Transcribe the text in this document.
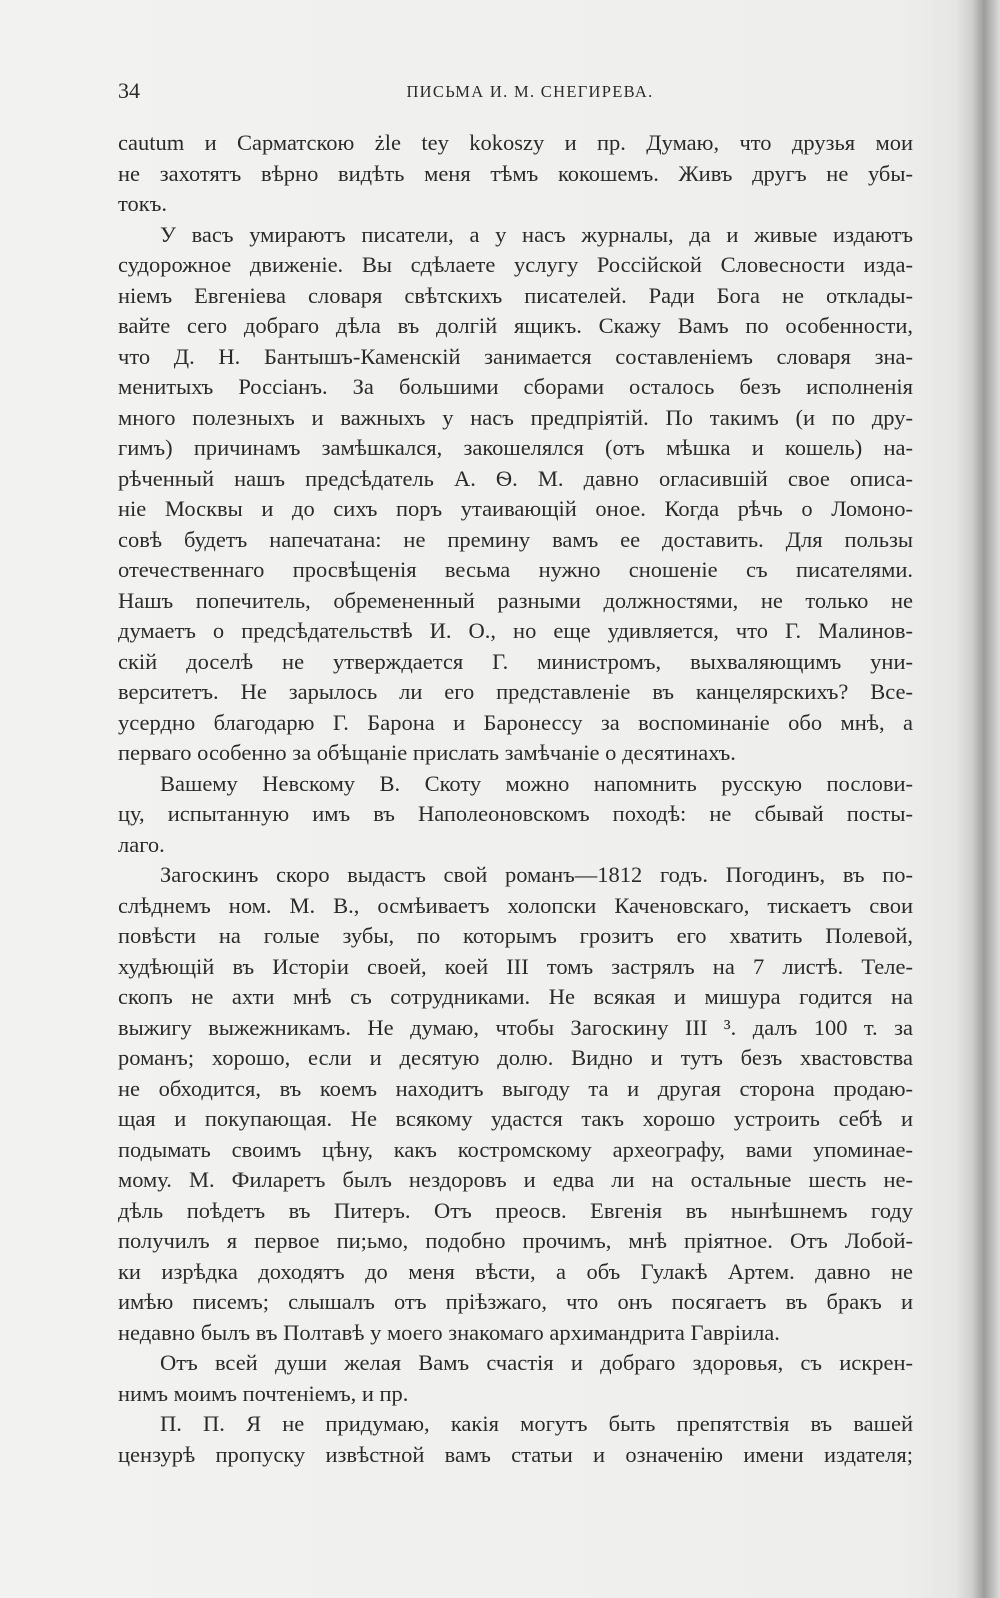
34	ПИСЬМА И. М. СНЕГИРЕВА.
cautum и Сарматскою żle tey kokoszy и пр. Думаю, что друзья мои
не захотятъ вѣрно видѣть меня тѣмъ кокошемъ. Живъ другъ не убы-
токъ.
У васъ умираютъ писатели, а у насъ журналы, да и живые издаютъ
судорожное движеніе. Вы сдѣлаете услугу Россійской Словесности изда-
ніемъ Евгеніева словаря свѣтскихъ писателей. Ради Бога не отклады-
вайте сего добраго дѣла въ долгій ящикъ. Скажу Вамъ по особенности,
что Д. Н. Бантышъ-Каменскій занимается составленіемъ словаря зна-
менитыхъ Россіанъ. За большими сборами осталось безъ исполненія
много полезныхъ и важныхъ у насъ предпріятій. По такимъ (и по дру-
гимъ) причинамъ замѣшкался, закошелялся (отъ мѣшка и кошель) на-
рѣченный нашъ предсѣдатель А. Ѳ. М. давно огласившій свое описа-
ніе Москвы и до сихъ поръ утаивающій оное. Когда рѣчь о Ломоно-
совѣ будетъ напечатана: не премину вамъ ее доставить. Для пользы
отечественнаго просвѣщенія весьма нужно сношеніе съ писателями.
Нашъ попечитель, обремененный разными должностями, не только не
думаетъ о предсѣдательствѣ И. О., но еще удивляется, что Г. Малинов-
скій доселѣ не утверждается Г. министромъ, выхваляющимъ уни-
верситетъ. Не зарылось ли его представленіе въ канцелярскихъ? Все-
усердно благодарю Г. Барона и Баронессу за воспоминаніе обо мнѣ, а
перваго особенно за обѣщаніе прислать замѣчаніе о десятинахъ.
Вашему Невскому В. Скоту можно напомнить русскую послови-
цу, испытанную имъ въ Наполеоновскомъ походѣ: не сбывай посты-
лаго.
Загоскинъ скоро выдастъ свой романъ—1812 годъ. Погодинъ, въ по-
слѣднемъ ном. М. В., осмѣиваетъ холопски Каченовскаго, тискаетъ свои
повѣсти на голые зубы, по которымъ грозитъ его хватить Полевой,
худѣющій въ Исторіи своей, коей III томъ застрялъ на 7 листѣ. Теле-
скопъ не ахти мнѣ съ сотрудниками. Не всякая и мишура годится на
выжигу выжежникамъ. Не думаю, чтобы Загоскину III ³. далъ 100 т. за
романъ; хорошо, если и десятую долю. Видно и тутъ безъ хвастовства
не обходится, въ коемъ находитъ выгоду та и другая сторона продаю-
щая и покупающая. Не всякому удастся такъ хорошо устроить себѣ и
подымать своимъ цѣну, какъ костромскому археографу, вами упоминае-
мому. М. Филаретъ былъ нездоровъ и едва ли на остальные шесть не-
дѣль поѣдетъ въ Питеръ. Отъ преосв. Евгенія въ нынѣшнемъ году
получилъ я первое пи;ьмо, подобно прочимъ, мнѣ пріятное. Отъ Лобой-
ки изрѣдка доходятъ до меня вѣсти, а объ Гулакѣ Артем. давно не
имѣю писемъ; слышалъ отъ пріѣзжаго, что онъ посягаетъ въ бракъ и
недавно былъ въ Полтавѣ у моего знакомаго архимандрита Гавріила.
Отъ всей души желая Вамъ счастія и добраго здоровья, съ искрен-
нимъ моимъ почтеніемъ, и пр.
П. П. Я не придумаю, какія могутъ быть препятствія въ вашей
цензурѣ пропуску извѣстной вамъ статьи и означенію имени издателя;
